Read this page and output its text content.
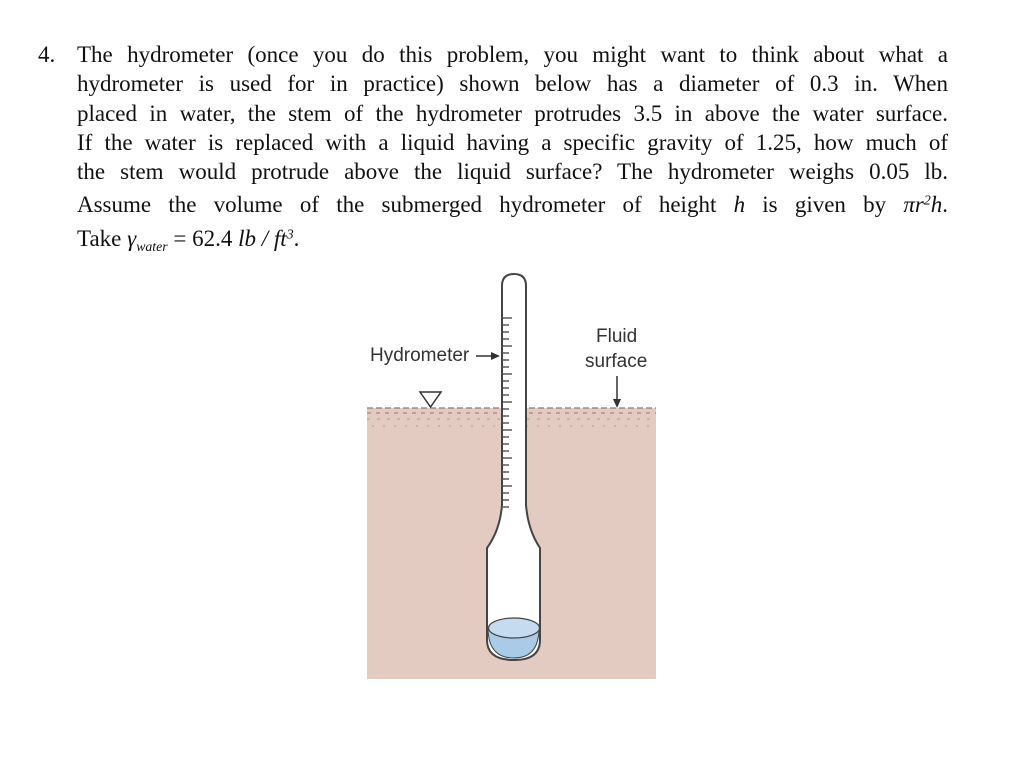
4. The hydrometer (once you do this problem, you might want to think about what a
hydrometer is used for in practice) shown below has a diameter of 0.3 in. When
placed in water, the stem of the hydrometer protrudes 3.5 in above the water surface.
If the water is replaced with a liquid having a specific gravity of 1.25, how much of
the stem would protrude above the liquid surface? The hydrometer weighs 0.05 lb.
Assume the volume of the submerged hydrometer of height h is given by $\pi r^2h$.
Take $\gamma_{water} = 62.4$ lb / $ft^3$.
Hydrometer
Fluid
surface
